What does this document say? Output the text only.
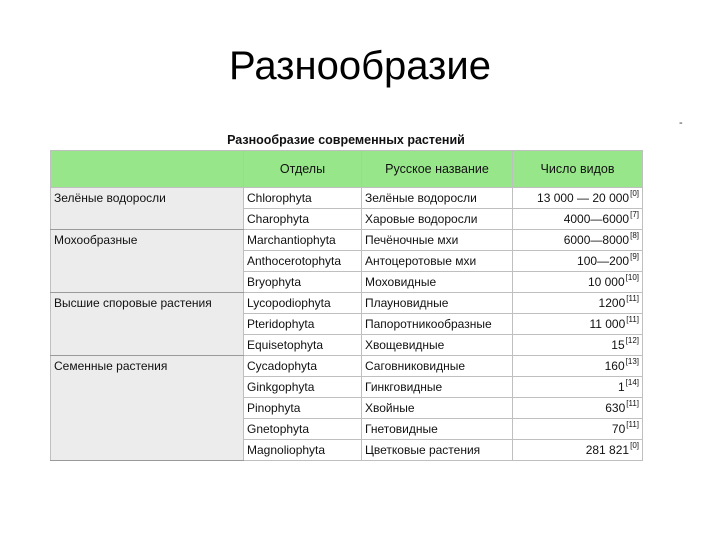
Разнообразие
-
Разнообразие современных растений
	Отделы	Русское название	Число видов
Зелёные водоросли	Chlorophyta	Зелёные водоросли	13 000 — 20 000[0]
	Charophyta	Харовые водоросли	4000—6000[7]
Мохообразные	Marchantiophyta	Печёночные мхи	6000—8000[8]
	Anthocerotophyta	Антоцеротовые мхи	100—200[9]
	Bryophyta	Моховидные	10 000[10]
Высшие споровые растения	Lycopodiophyta	Плауновидные	1200[11]
	Pteridophyta	Папоротникообразные	11 000[11]
	Equisetophyta	Хвощевидные	15[12]
Семенные растения	Cycadophyta	Саговниковидные	160[13]
	Ginkgophyta	Гинкговидные	1[14]
	Pinophyta	Хвойные	630[11]
	Gnetophyta	Гнетовидные	70[11]
	Magnoliophyta	Цветковые растения	281 821[0]
